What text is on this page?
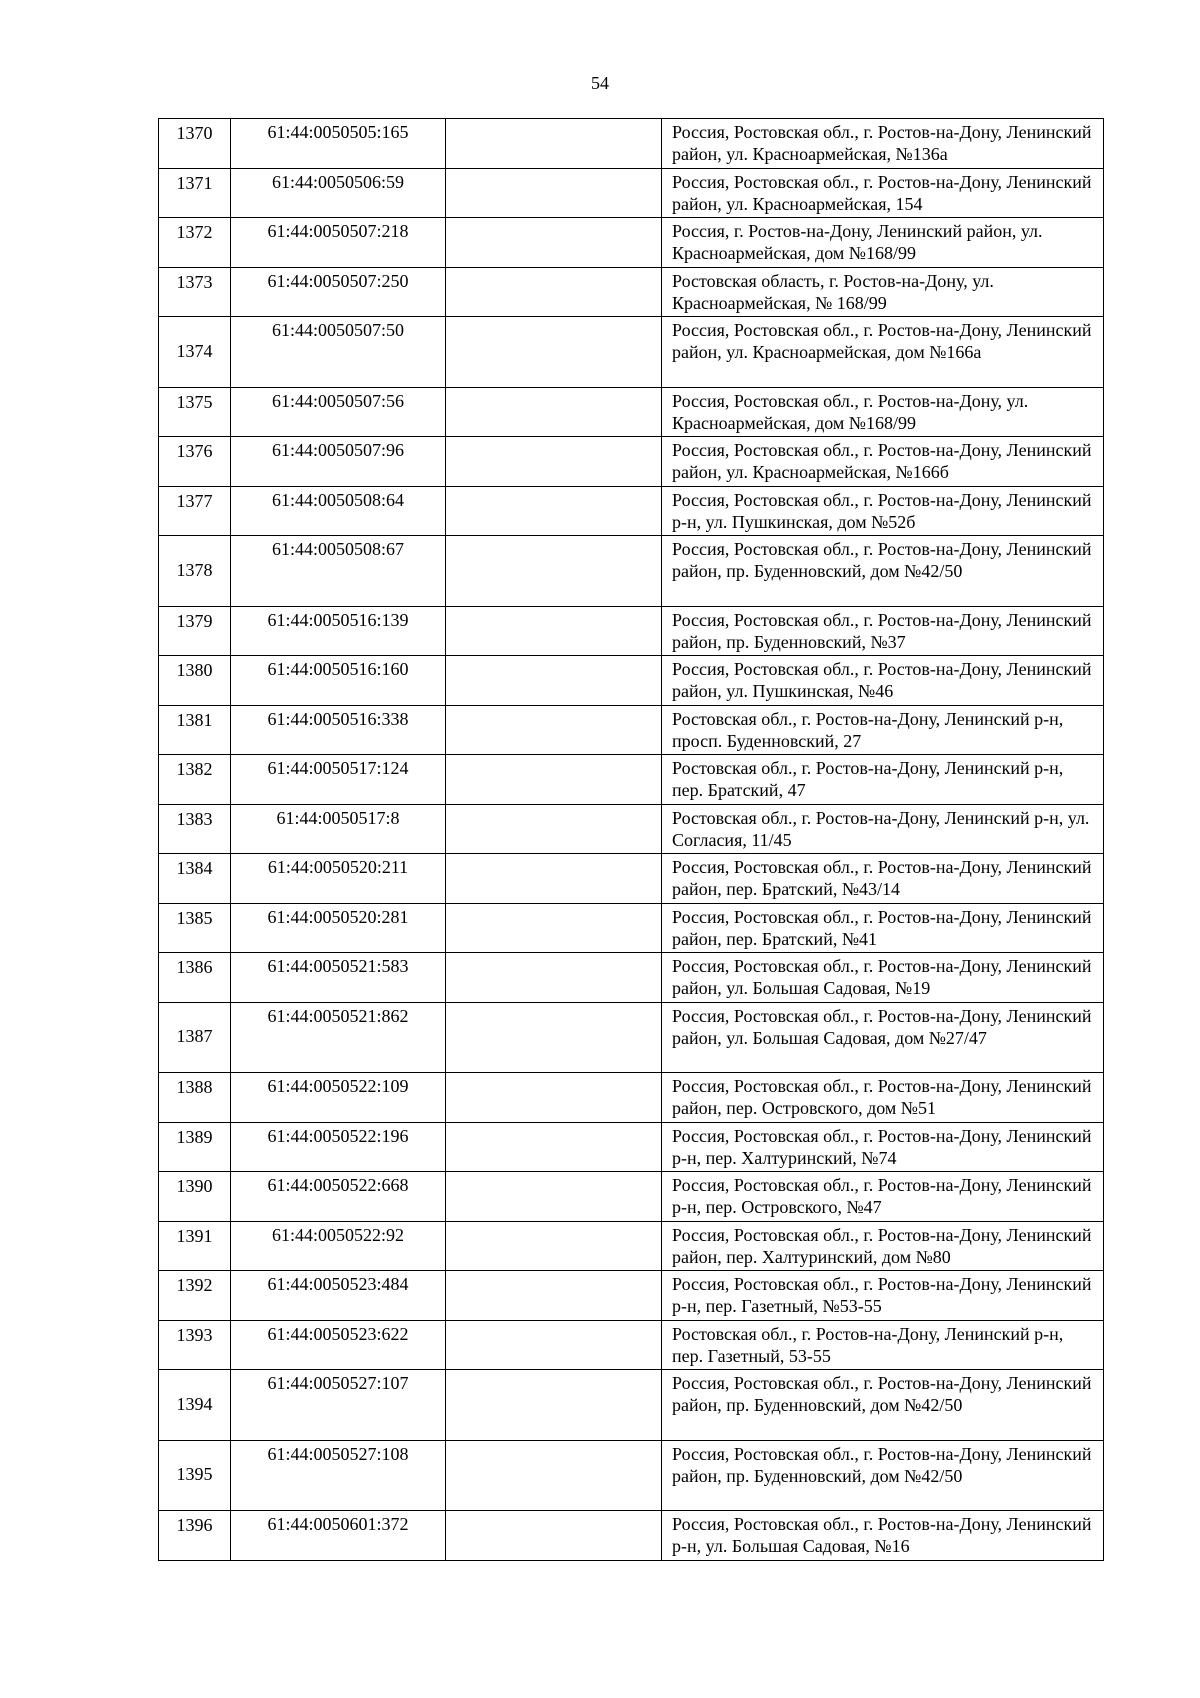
54
1370	61:44:0050505:165		Россия, Ростовская обл., г. Ростов-на-Дону, Ленинский район, ул. Красноармейская, №136а
1371	61:44:0050506:59		Россия, Ростовская обл., г. Ростов-на-Дону, Ленинский район, ул. Красноармейская, 154
1372	61:44:0050507:218		Россия, г. Ростов-на-Дону, Ленинский район, ул. Красноармейская, дом №168/99
1373	61:44:0050507:250		Ростовская область, г. Ростов-на-Дону, ул. Красноармейская, № 168/99
1374	61:44:0050507:50		Россия, Ростовская обл., г. Ростов-на-Дону, Ленинский район, ул. Красноармейская, дом №166а
1375	61:44:0050507:56		Россия, Ростовская обл., г. Ростов-на-Дону, ул. Красноармейская, дом №168/99
1376	61:44:0050507:96		Россия, Ростовская обл., г. Ростов-на-Дону, Ленинский район, ул. Красноармейская, №166б
1377	61:44:0050508:64		Россия, Ростовская обл., г. Ростов-на-Дону, Ленинский р-н, ул. Пушкинская, дом №52б
1378	61:44:0050508:67		Россия, Ростовская обл., г. Ростов-на-Дону, Ленинский район, пр. Буденновский, дом №42/50
1379	61:44:0050516:139		Россия, Ростовская обл., г. Ростов-на-Дону, Ленинский район, пр. Буденновский, №37
1380	61:44:0050516:160		Россия, Ростовская обл., г. Ростов-на-Дону, Ленинский район, ул. Пушкинская, №46
1381	61:44:0050516:338		Ростовская обл., г. Ростов-на-Дону, Ленинский р-н, просп. Буденновский, 27
1382	61:44:0050517:124		Ростовская обл., г. Ростов-на-Дону, Ленинский р-н, пер. Братский, 47
1383	61:44:0050517:8		Ростовская обл., г. Ростов-на-Дону, Ленинский р-н, ул. Согласия, 11/45
1384	61:44:0050520:211		Россия, Ростовская обл., г. Ростов-на-Дону, Ленинский район, пер. Братский, №43/14
1385	61:44:0050520:281		Россия, Ростовская обл., г. Ростов-на-Дону, Ленинский район, пер. Братский, №41
1386	61:44:0050521:583		Россия, Ростовская обл., г. Ростов-на-Дону, Ленинский район, ул. Большая Садовая, №19
1387	61:44:0050521:862		Россия, Ростовская обл., г. Ростов-на-Дону, Ленинский район, ул. Большая Садовая, дом №27/47
1388	61:44:0050522:109		Россия, Ростовская обл., г. Ростов-на-Дону, Ленинский район, пер. Островского, дом №51
1389	61:44:0050522:196		Россия, Ростовская обл., г. Ростов-на-Дону, Ленинский р-н, пер. Халтуринский, №74
1390	61:44:0050522:668		Россия, Ростовская обл., г. Ростов-на-Дону, Ленинский р-н, пер. Островского, №47
1391	61:44:0050522:92		Россия, Ростовская обл., г. Ростов-на-Дону, Ленинский район, пер. Халтуринский, дом №80
1392	61:44:0050523:484		Россия, Ростовская обл., г. Ростов-на-Дону, Ленинский р-н, пер. Газетный, №53-55
1393	61:44:0050523:622		Ростовская обл., г. Ростов-на-Дону, Ленинский р-н, пер. Газетный, 53-55
1394	61:44:0050527:107		Россия, Ростовская обл., г. Ростов-на-Дону, Ленинский район, пр. Буденновский, дом №42/50
1395	61:44:0050527:108		Россия, Ростовская обл., г. Ростов-на-Дону, Ленинский район, пр. Буденновский, дом №42/50
1396	61:44:0050601:372		Россия, Ростовская обл., г. Ростов-на-Дону, Ленинский р-н, ул. Большая Садовая, №16
